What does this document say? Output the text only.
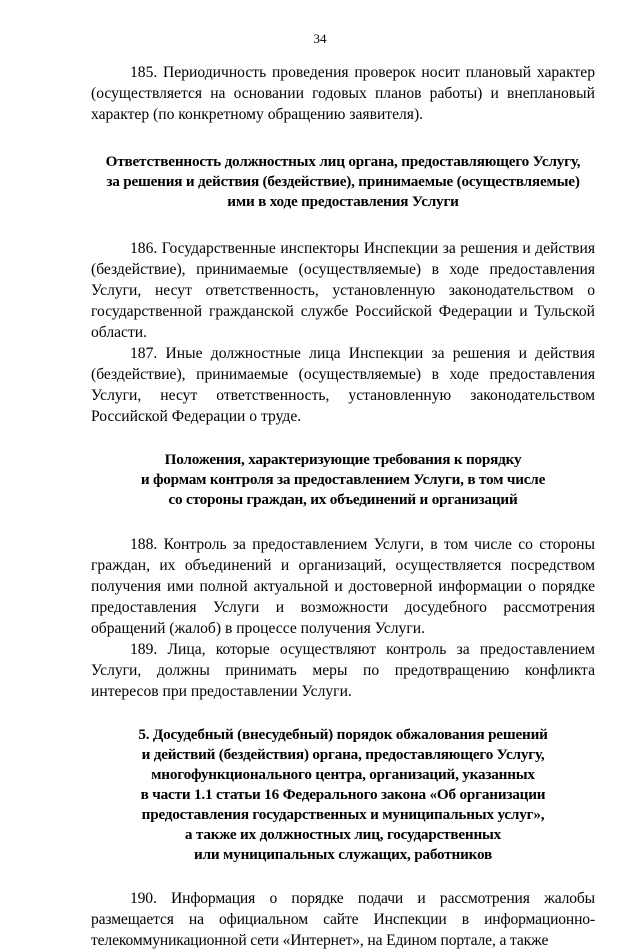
34

185. Периодичность проведения проверок носит плановый характер (осуществляется на основании годовых планов работы) и внеплановый характер (по конкретному обращению заявителя).

Ответственность должностных лиц органа, предоставляющего Услугу,
за решения и действия (бездействие), принимаемые (осуществляемые)
ими в ходе предоставления Услуги

186. Государственные инспекторы Инспекции за решения и действия (бездействие), принимаемые (осуществляемые) в ходе предоставления Услуги, несут ответственность, установленную законодательством о государственной гражданской службе Российской Федерации и Тульской области.

187. Иные должностные лица Инспекции за решения и действия (бездействие), принимаемые (осуществляемые) в ходе предоставления Услуги, несут ответственность, установленную законодательством Российской Федерации о труде.

Положения, характеризующие требования к порядку
и формам контроля за предоставлением Услуги, в том числе
со стороны граждан, их объединений и организаций

188. Контроль за предоставлением Услуги, в том числе со стороны граждан, их объединений и организаций, осуществляется посредством получения ими полной актуальной и достоверной информации о порядке предоставления Услуги и возможности досудебного рассмотрения обращений (жалоб) в процессе получения Услуги.

189. Лица, которые осуществляют контроль за предоставлением Услуги, должны принимать меры по предотвращению конфликта интересов при предоставлении Услуги.

5. Досудебный (внесудебный) порядок обжалования решений
и действий (бездействия) органа, предоставляющего Услугу,
многофункционального центра, организаций, указанных
в части 1.1 статьи 16 Федерального закона «Об организации
предоставления государственных и муниципальных услуг»,
а также их должностных лиц, государственных
или муниципальных служащих, работников

190. Информация о порядке подачи и рассмотрения жалобы размещается на официальном сайте Инспекции в информационно-телекоммуникационной сети «Интернет», на Едином портале, а также
